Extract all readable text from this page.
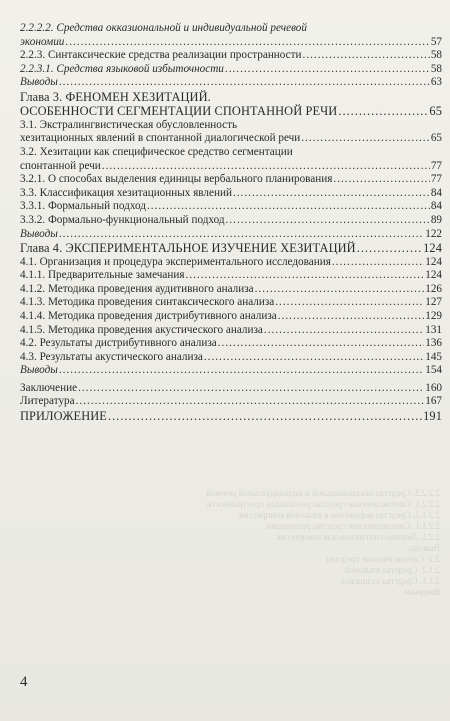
2.2.2.2. Средства окказиональной и индивидуальной речевой
2.2.2.1. Синтаксические средства реализации пространности
2.2.1.2. Средства выражения в языковой компрессии
2.2.1.1. Синтаксические средства реализации
2.2.1. Лексико-синтаксическая компрессия
Выводы
2.2. Синтаксические средства
2.1.2. Средства языковой
2.1.1. Средства эллипсиса
Введение
2.2.2.2. Средства окказиональной и индивидуальной речевой
экономии .....	57
2.2.3. Синтаксические средства реализации пространности .....	58
2.2.3.1. Средства языковой избыточности .....	58
Выводы .....	63
Глава 3. ФЕНОМЕН ХЕЗИТАЦИЙ.
ОСОБЕННОСТИ СЕГМЕНТАЦИИ СПОНТАННОЙ РЕЧИ .....	65
3.1. Экстралингвистическая обусловленность
хезитационных явлений в спонтанной диалогической речи .....	65
3.2. Хезитации как специфическое средство сегментации
спонтанной речи .....	77
3.2.1. О способах выделения единицы вербального планирования .....	77
3.3. Классификация хезитационных явлений .....	84
3.3.1. Формальный подход .....	84
3.3.2. Формально-функциональный подход .....	89
Выводы .....	122
Глава 4. ЭКСПЕРИМЕНТАЛЬНОЕ ИЗУЧЕНИЕ ХЕЗИТАЦИЙ .....	124
4.1. Организация и процедура экспериментального исследования .....	124
4.1.1. Предварительные замечания .....	124
4.1.2. Методика проведения аудитивного анализа .....	126
4.1.3. Методика проведения синтаксического анализа .....	127
4.1.4. Методика проведения дистрибутивного анализа .....	129
4.1.5. Методика проведения акустического анализа .....	131
4.2. Результаты дистрибутивного анализа .....	136
4.3. Результаты акустического анализа .....	145
Выводы .....	154
Заключение .....	160
Литература .....	167
ПРИЛОЖЕНИЕ .....	191
4
